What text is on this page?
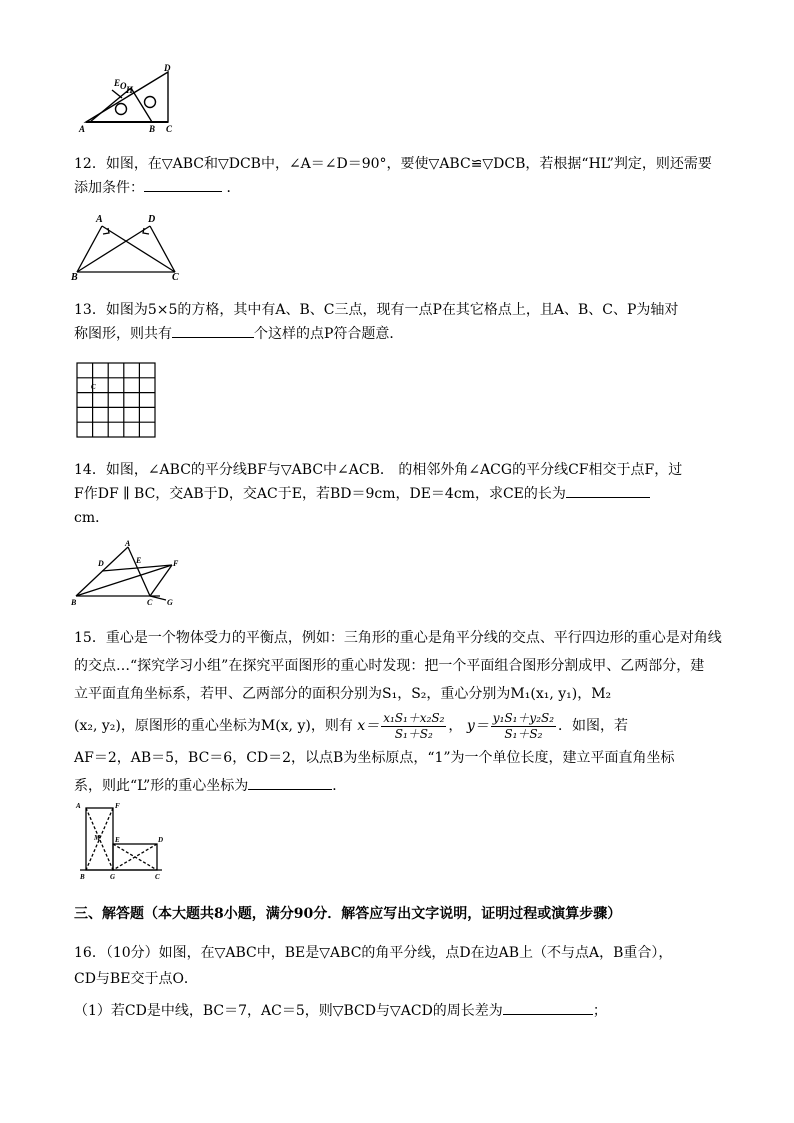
E O H
A	B C
D
12．如图，在▽ABC和▽DCB中，∠A＝∠D＝90°，要使▽ABC≌▽DCB，若根据“HL”判定，则还需要添加条件：	．
A	D
B	C
13．如图为5×5的方格，其中有A、B、C三点，现有一点P在其它格点上，且A、B、C、P为轴对
称图形，则共有	个这样的点P符合题意．
C
14．如图，∠ABC的平分线BF与▽ABC中∠ACB． 的相邻外角∠ACG的平分线CF相交于点F，过
F作DF ∥ BC，交AB于D，交AC于E，若BD＝9cm，DE＝4cm，求CE的长为
cm．
A
D	E	F
B	C G
15．重心是一个物体受力的平衡点，例如：三角形的重心是角平分线的交点、平行四边形的重心是对角线
的交点…“探究学习小组”在探究平面图形的重心时发现：把一个平面组合图形分割成甲、乙两部分，建
立平面直角坐标系，若甲、乙两部分的面积分别为S₁，S₂，重心分别为M₁(x₁, y₁)，M₂
(x₂, y₂)，原图形的重心坐标为M(x, y)，则有 $x= \frac{\text{x₁S₁＋x₂S₂}}{\text{S₁＋S₂}}$ ， $y= \frac{\text{y₁S₁＋y₂S₂}}{\text{S₁＋S₂}}$ ．如图，若
AF＝2，AB＝5，BC＝6，CD＝2，以点B为坐标原点，“1”为一个单位长度，建立平面直角坐标
系，则此“L”形的重心坐标为	．
A	F
E	D
M
B	G	C
三、解答题（本大题共8小题，满分90分．解答应写出文字说明，证明过程或演算步骤）
16．（10分）如图，在▽ABC中，BE是▽ABC的角平分线，点D在边AB上（不与点A，B重合），
CD与BE交于点O．
（1）若CD是中线，BC＝7，AC＝5，则▽BCD与▽ACD的周长差为	；
